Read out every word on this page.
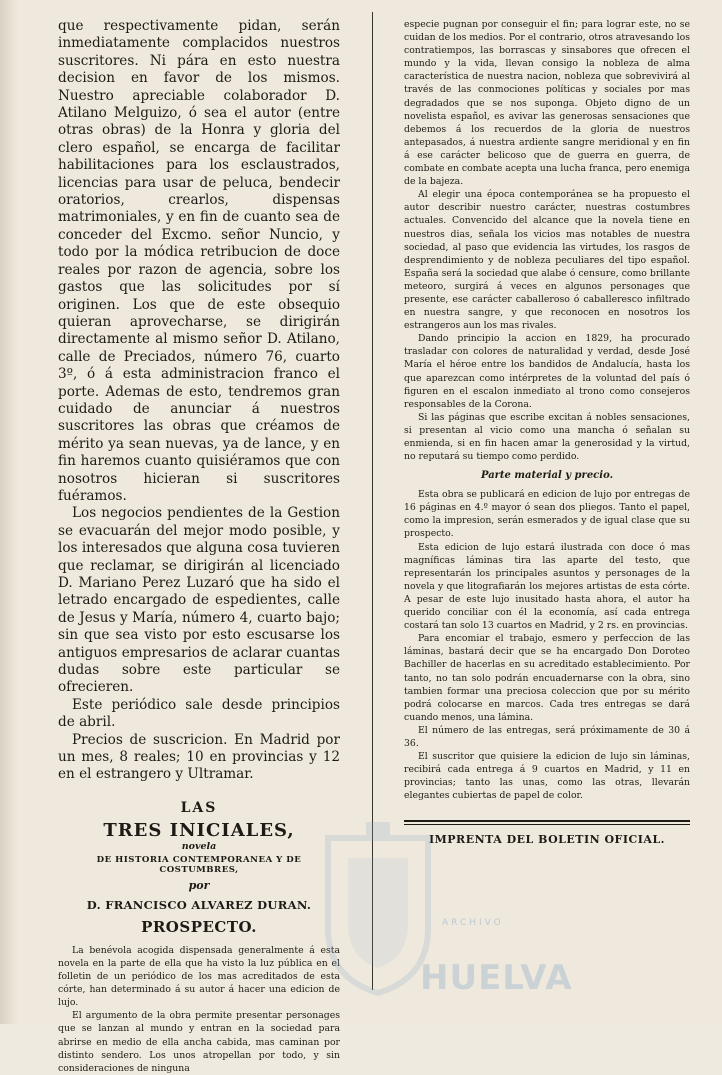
que respectivamente pidan, serán inmediatamente complacidos nuestros suscritores. Ni pára en esto nuestra decision en favor de los mismos. Nuestro apreciable colaborador D. Atilano Melguizo, ó sea el autor (entre otras obras) de la Honra y gloria del clero español, se encarga de facilitar habilitaciones para los esclaustrados, licencias para usar de peluca, bendecir oratorios, crearlos, dispensas matrimoniales, y en fin de cuanto sea de conceder del Excmo. señor Nuncio, y todo por la módica retribucion de doce reales por razon de agencia, sobre los gastos que las solicitudes por sí originen. Los que de este obsequio quieran aprovecharse, se dirigirán directamente al mismo señor D. Atilano, calle de Preciados, número 76, cuarto 3º, ó á esta administracion franco el porte. Ademas de esto, tendremos gran cuidado de anunciar á nuestros suscritores las obras que créamos de mérito ya sean nuevas, ya de lance, y en fin haremos cuanto quisiéramos que con nosotros hicieran si suscritores fuéramos.

Los negocios pendientes de la Gestion se evacuarán del mejor modo posible, y los interesados que alguna cosa tuvieren que reclamar, se dirigirán al licenciado D. Mariano Perez Luzaró que ha sido el letrado encargado de espedientes, calle de Jesus y María, número 4, cuarto bajo; sin que sea visto por esto escusarse los antiguos empresarios de aclarar cuantas dudas sobre este particular se ofrecieren.

Este periódico sale desde principios de abril.

Precios de suscricion. En Madrid por un mes, 8 reales; 10 en provincias y 12 en el estrangero y Ultramar.

LAS
TRES INICIALES,
novela
DE HISTORIA CONTEMPORANEA Y DE COSTUMBRES,
por
D. FRANCISCO ALVAREZ DURAN.
PROSPECTO.

La benévola acogida dispensada generalmente á esta novela en la parte de ella que ha visto la luz pública en el folletin de un periódico de los mas acreditados de esta córte, han determinado á su autor á hacer una edicion de lujo.

El argumento de la obra permite presentar personages que se lanzan al mundo y entran en la sociedad para abrirse en medio de ella ancha cabida, mas caminan por distinto sendero. Los unos atropellan por todo, y sin consideraciones de ninguna

especie pugnan por conseguir el fin; para lograr este, no se cuidan de los medios. Por el contrario, otros atravesando los contratiempos, las borrascas y sinsabores que ofrecen el mundo y la vida, llevan consigo la nobleza de alma característica de nuestra nacion, nobleza que sobrevivirá al través de las conmociones políticas y sociales por mas degradados que se nos suponga. Objeto digno de un novelista español, es avivar las generosas sensaciones que debemos á los recuerdos de la gloria de nuestros antepasados, á nuestra ardiente sangre meridional y en fin á ese carácter belicoso que de guerra en guerra, de combate en combate acepta una lucha franca, pero enemiga de la bajeza.

Al elegir una época contemporánea se ha propuesto el autor describir nuestro carácter, nuestras costumbres actuales. Convencido del alcance que la novela tiene en nuestros dias, señala los vicios mas notables de nuestra sociedad, al paso que evidencia las virtudes, los rasgos de desprendimiento y de nobleza peculiares del tipo español. España será la sociedad que alabe ó censure, como brillante meteoro, surgirá á veces en algunos personages que presente, ese carácter caballeroso ó caballeresco infiltrado en nuestra sangre, y que reconocen en nosotros los estrangeros aun los mas rivales.

Dando principio la accion en 1829, ha procurado trasladar con colores de naturalidad y verdad, desde José María el héroe entre los bandidos de Andalucía, hasta los que aparezcan como intérpretes de la voluntad del país ó figuren en el escalon inmediato al trono como consejeros responsables de la Corona.

Si las páginas que escribe excitan á nobles sensaciones, si presentan al vicio como una mancha ó señalan su enmienda, si en fin hacen amar la generosidad y la virtud, no reputará su tiempo como perdido.

Parte material y precio.

Esta obra se publicará en edicion de lujo por entregas de 16 páginas en 4.º mayor ó sean dos pliegos. Tanto el papel, como la impresion, serán esmerados y de igual clase que su prospecto.

Esta edicion de lujo estará ilustrada con doce ó mas magníficas láminas tira las aparte del testo, que representarán los principales asuntos y personages de la novela y que litografiarán los mejores artistas de esta córte. A pesar de este lujo inusitado hasta ahora, el autor ha querido conciliar con él la economía, así cada entrega costará tan solo 13 cuartos en Madrid, y 2 rs. en provincias.

Para encomiar el trabajo, esmero y perfeccion de las láminas, bastará decir que se ha encargado Don Doroteo Bachiller de hacerlas en su acreditado establecimiento. Por tanto, no tan solo podrán encuadernarse con la obra, sino tambien formar una preciosa coleccion que por su mérito podrá colocarse en marcos. Cada tres entregas se dará cuando menos, una lámina.

El número de las entregas, será próximamente de 30 á 36.

El suscritor que quisiere la edicion de lujo sin láminas, recibirá cada entrega á 9 cuartos en Madrid, y 11 en provincias; tanto las unas, como las otras, llevarán elegantes cubiertas de papel de color.

IMPRENTA DEL BOLETIN OFICIAL.
ARCHIVO
HUELVA
